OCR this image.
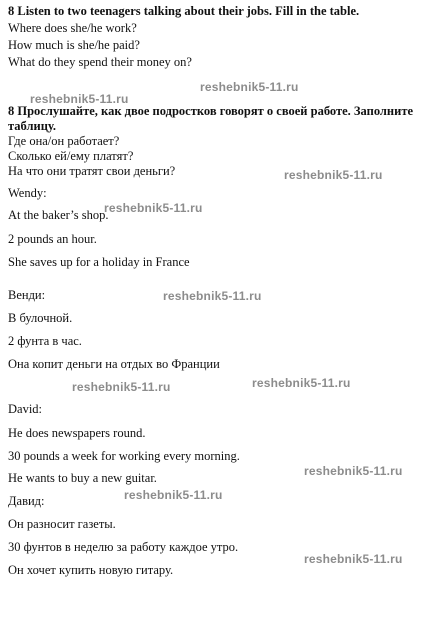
8 Listen to two teenagers talking about their jobs. Fill in the table.
Where does she/he work?
How much is she/he paid?
What do they spend their money on?
8 Прослушайте, как двое подростков говорят о своей работе. Заполните
таблицу.
Где она/он работает?
Сколько ей/ему платят?
На что они тратят свои деньги?
Wendy:
At the baker’s shop.
2 pounds an hour.
She saves up for a holiday in France
Венди:
В булочной.
2 фунта в час.
Она копит деньги на отдых во Франции
David:
He does newspapers round.
30 pounds a week for working every morning.
He wants to buy a new guitar.
Давид:
Он разносит газеты.
30 фунтов в неделю за работу каждое утро.
Он хочет купить новую гитару.
reshebnik5-11.ru
reshebnik5-11.ru
reshebnik5-11.ru
reshebnik5-11.ru
reshebnik5-11.ru
reshebnik5-11.ru
reshebnik5-11.ru
reshebnik5-11.ru
reshebnik5-11.ru
reshebnik5-11.ru
